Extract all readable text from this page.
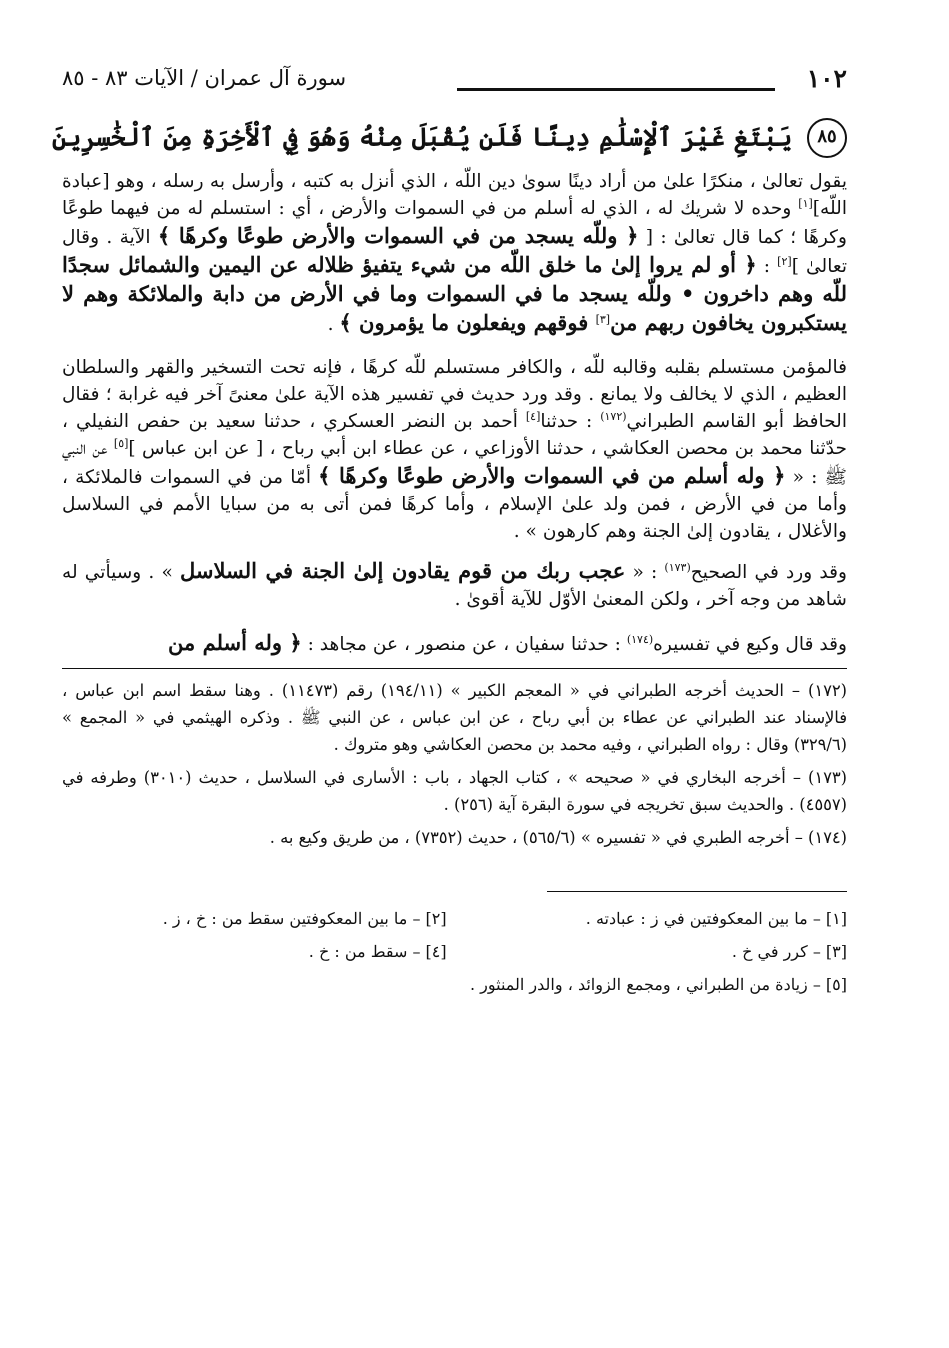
١٠٢
سورة آل عمران / الآيات ٨٣ - ٨٥
٨٥ يَبْتَغِ غَيْرَ ٱلْإِسْلَٰمِ دِينًا فَلَن يُقْبَلَ مِنْهُ وَهُوَ فِي ٱلْأَخِرَةِ مِنَ ٱلْخَٰسِرِينَ

يقول تعالىٰ ، منكرًا علىٰ من أراد دينًا سوىٰ دين اللّه ، الذي أنزل به كتبه ، وأرسل به رسله ، وهو [عبادة اللّه][١] وحده لا شريك له ، الذي له أسلم من في السموات والأرض ، أي : استسلم له من فيهما طوعًا وكرهًا ؛ كما قال تعالىٰ : [ ﴿ وللّه يسجد من في السموات والأرض طوعًا وكرهًا ﴾ الآية . وقال تعالىٰ ][٢] : ﴿ أو لم يروا إلىٰ ما خلق اللّه من شيء يتفيؤ ظلاله عن اليمين والشمائل سجدًا للّه وهم داخرون • وللّه يسجد ما في السموات وما في الأرض من دابة والملائكة وهم لا يستكبرون يخافون ربهم من[٣] فوقهم ويفعلون ما يؤمرون ﴾ .

فالمؤمن مستسلم بقلبه وقالبه للّه ، والكافر مستسلم للّه كرهًا ، فإنه تحت التسخير والقهر والسلطان العظيم ، الذي لا يخالف ولا يمانع . وقد ورد حديث في تفسير هذه الآية علىٰ معنىً آخر فيه غرابة ؛ فقال الحافظ أبو القاسم الطبراني$^{(١٧٢)}$ : حدثنا[٤] أحمد بن النضر العسكري ، حدثنا سعيد بن حفص النفيلي ، حدّثنا محمد بن محصن العكاشي ، حدثنا الأوزاعي ، عن عطاء ابن أبي رباح ، [ عن ابن عباس ][٥] عن النبي ﷺ : « ﴿ وله أسلم من في السموات والأرض طوعًا وكرهًا ﴾ أمّا من في السموات فالملائكة ، وأما من في الأرض ، فمن ولد علىٰ الإسلام ، وأما كرهًا فمن أتى به من سبايا الأمم في السلاسل والأغلال ، يقادون إلىٰ الجنة وهم كارهون » .

وقد ورد في الصحيح$^{(١٧٣)}$ : « عجب ربك من قوم يقادون إلىٰ الجنة في السلاسل » . وسيأتي له شاهد من وجه آخر ، ولكن المعنىٰ الأوّل للآية أقوىٰ .

وقد قال وكيع في تفسيره$^{(١٧٤)}$ : حدثنا سفيان ، عن منصور ، عن مجاهد : ﴿ وله أسلم من

(١٧٢) – الحديث أخرجه الطبراني في « المعجم الكبير » (١٩٤/١١) رقم (١١٤٧٣) . وهنا سقط اسم ابن عباس ، فالإسناد عند الطبراني عن عطاء بن أبي رباح ، عن ابن عباس ، عن النبي ﷺ . وذكره الهيثمي في « المجمع » (٣٢٩/٦) وقال : رواه الطبراني ، وفيه محمد بن محصن العكاشي وهو متروك .

(١٧٣) – أخرجه البخاري في « صحيحه » ، كتاب الجهاد ، باب : الأسارى في السلاسل ، حديث (٣٠١٠) وطرفه في (٤٥٥٧) . والحديث سبق تخريجه في سورة البقرة آية (٢٥٦) .

(١٧٤) – أخرجه الطبري في « تفسيره » (٥٦٥/٦) ، حديث (٧٣٥٢) ، من طريق وكيع به .

[١] – ما بين المعكوفتين في ز : عبادته .
[٢] – ما بين المعكوفتين سقط من : خ ، ز .
[٣] – كرر في خ .
[٤] – سقط من : خ .
[٥] – زيادة من الطبراني ، ومجمع الزوائد ، والدر المنثور .
